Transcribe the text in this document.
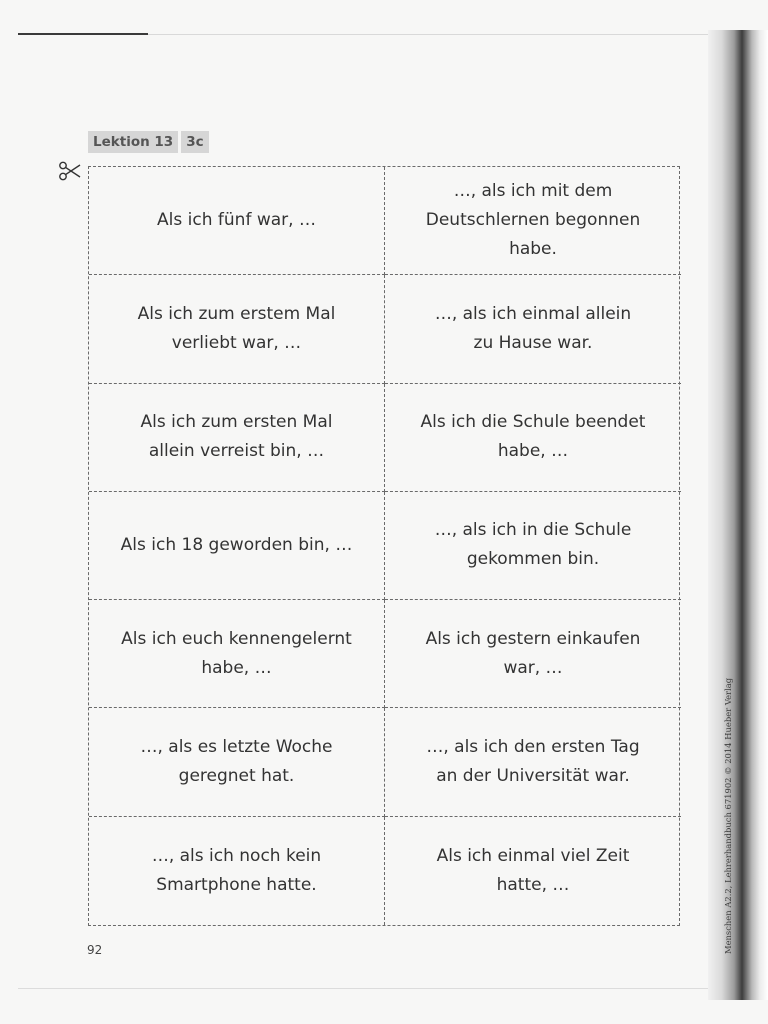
Lektion 13 3c
Als ich fünf war, …
…, als ich mit dem
Deutschlernen begonnen habe.
Als ich zum erstem Mal
verliebt war, …
…, als ich einmal allein
zu Hause war.
Als ich zum ersten Mal
allein verreist bin, …
Als ich die Schule beendet
habe, …
Als ich 18 geworden bin, …
…, als ich in die Schule
gekommen bin.
Als ich euch kennengelernt
habe, …
Als ich gestern einkaufen
war, …
…, als es letzte Woche
geregnet hat.
…, als ich den ersten Tag
an der Universität war.
…, als ich noch kein
Smartphone hatte.
Als ich einmal viel Zeit
hatte, …
92	Menschen A2.2, Lehrerhandbuch 671902 © 2014 Hueber Verlag
